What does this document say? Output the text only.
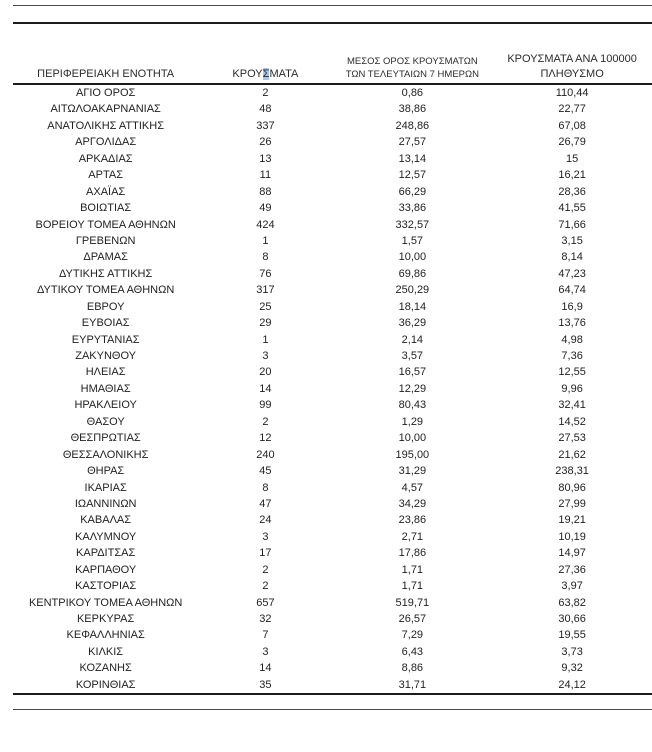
ΠΕΡΙΦΕΡΕΙΑΚΗ ΕΝΟΤΗΤΑ	ΚΡΟΥΣΜΑΤΑ	ΜΕΣΟΣ ΟΡΟΣ ΚΡΟΥΣΜΑΤΩΝ
ΤΩΝ ΤΕΛΕΥΤΑΙΩΝ 7 ΗΜΕΡΩΝ	ΚΡΟΥΣΜΑΤΑ ΑΝΑ 100000
ΠΛΗΘΥΣΜΟ
ΑΓΙΟ ΟΡΟΣ	2	0,86	110,44
ΑΙΤΩΛΟΑΚΑΡΝΑΝΙΑΣ	48	38,86	22,77
ΑΝΑΤΟΛΙΚΗΣ ΑΤΤΙΚΗΣ	337	248,86	67,08
ΑΡΓΟΛΙΔΑΣ	26	27,57	26,79
ΑΡΚΑΔΙΑΣ	13	13,14	15
ΑΡΤΑΣ	11	12,57	16,21
ΑΧΑΪΑΣ	88	66,29	28,36
ΒΟΙΩΤΙΑΣ	49	33,86	41,55
ΒΟΡΕΙΟΥ ΤΟΜΕΑ ΑΘΗΝΩΝ	424	332,57	71,66
ΓΡΕΒΕΝΩΝ	1	1,57	3,15
ΔΡΑΜΑΣ	8	10,00	8,14
ΔΥΤΙΚΗΣ ΑΤΤΙΚΗΣ	76	69,86	47,23
ΔΥΤΙΚΟΥ ΤΟΜΕΑ ΑΘΗΝΩΝ	317	250,29	64,74
ΕΒΡΟΥ	25	18,14	16,9
ΕΥΒΟΙΑΣ	29	36,29	13,76
ΕΥΡΥΤΑΝΙΑΣ	1	2,14	4,98
ΖΑΚΥΝΘΟΥ	3	3,57	7,36
ΗΛΕΙΑΣ	20	16,57	12,55
ΗΜΑΘΙΑΣ	14	12,29	9,96
ΗΡΑΚΛΕΙΟΥ	99	80,43	32,41
ΘΑΣΟΥ	2	1,29	14,52
ΘΕΣΠΡΩΤΙΑΣ	12	10,00	27,53
ΘΕΣΣΑΛΟΝΙΚΗΣ	240	195,00	21,62
ΘΗΡΑΣ	45	31,29	238,31
ΙΚΑΡΙΑΣ	8	4,57	80,96
ΙΩΑΝΝΙΝΩΝ	47	34,29	27,99
ΚΑΒΑΛΑΣ	24	23,86	19,21
ΚΑΛΥΜΝΟΥ	3	2,71	10,19
ΚΑΡΔΙΤΣΑΣ	17	17,86	14,97
ΚΑΡΠΑΘΟΥ	2	1,71	27,36
ΚΑΣΤΟΡΙΑΣ	2	1,71	3,97
ΚΕΝΤΡΙΚΟΥ ΤΟΜΕΑ ΑΘΗΝΩΝ	657	519,71	63,82
ΚΕΡΚΥΡΑΣ	32	26,57	30,66
ΚΕΦΑΛΛΗΝΙΑΣ	7	7,29	19,55
ΚΙΛΚΙΣ	3	6,43	3,73
ΚΟΖΑΝΗΣ	14	8,86	9,32
ΚΟΡΙΝΘΙΑΣ	35	31,71	24,12
